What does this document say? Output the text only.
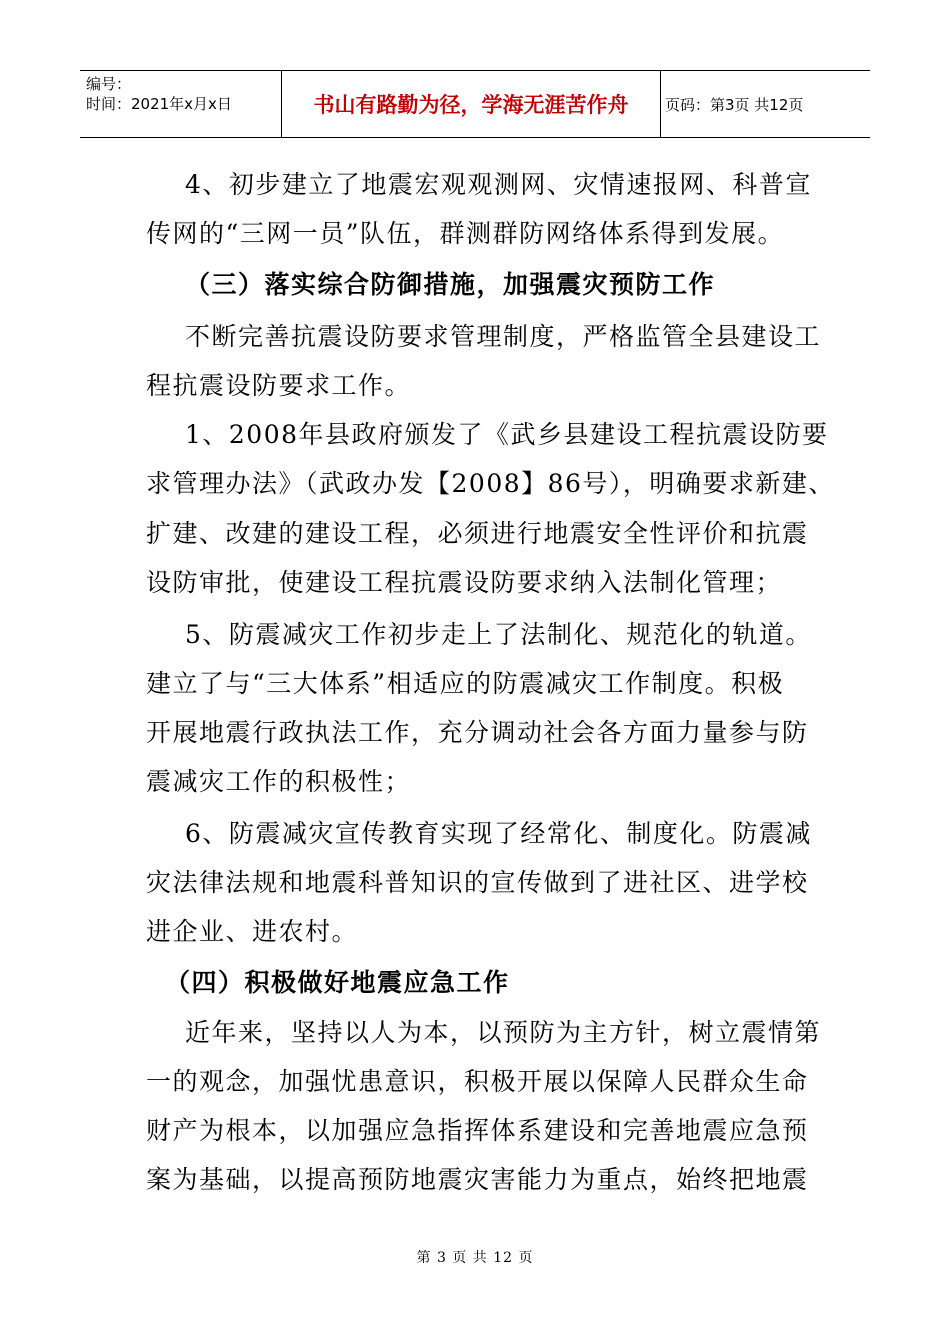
编号：
时间：2021年x月x日	书山有路勤为径，学海无涯苦作舟	页码：第3页 共12页
4、初步建立了地震宏观观测网、灾情速报网、科普宣
传网的“三网一员”队伍，群测群防网络体系得到发展。
（三）落实综合防御措施，加强震灾预防工作
不断完善抗震设防要求管理制度，严格监管全县建设工
程抗震设防要求工作。
1、2008年县政府颁发了《武乡县建设工程抗震设防要
求管理办法》（武政办发【2008】86号），明确要求新建、
扩建、改建的建设工程，必须进行地震安全性评价和抗震
设防审批，使建设工程抗震设防要求纳入法制化管理；
5、防震减灾工作初步走上了法制化、规范化的轨道。
建立了与“三大体系”相适应的防震减灾工作制度。积极
开展地震行政执法工作，充分调动社会各方面力量参与防
震减灾工作的积极性；
6、防震减灾宣传教育实现了经常化、制度化。防震减
灾法律法规和地震科普知识的宣传做到了进社区、进学校
进企业、进农村。
（四）积极做好地震应急工作
近年来，坚持以人为本，以预防为主方针，树立震情第
一的观念，加强忧患意识，积极开展以保障人民群众生命
财产为根本，以加强应急指挥体系建设和完善地震应急预
案为基础，以提高预防地震灾害能力为重点，始终把地震
第 3 页 共 12 页
